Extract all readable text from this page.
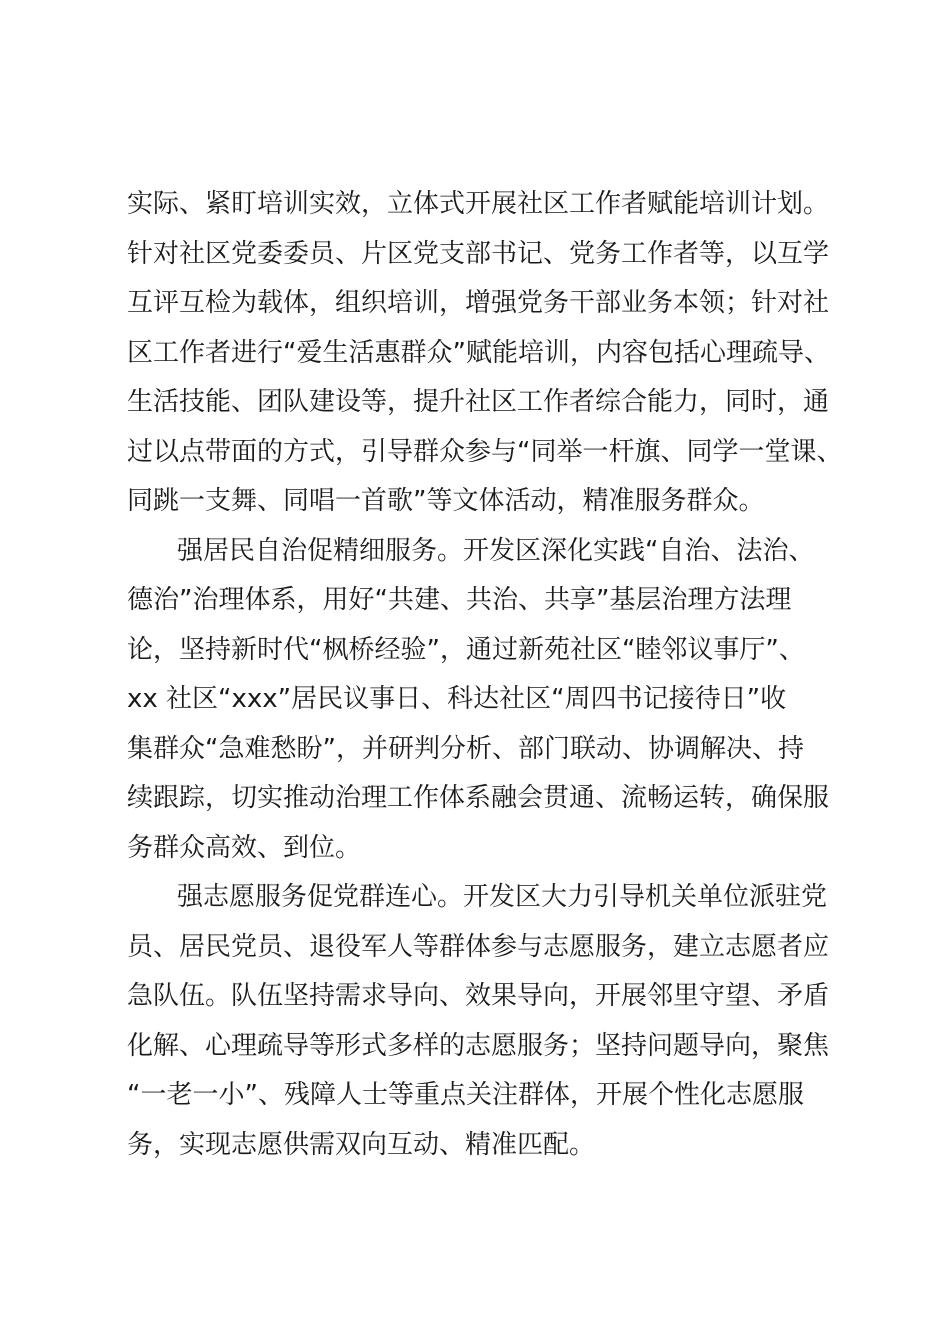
实际、紧盯培训实效，立体式开展社区工作者赋能培训计划。
针对社区党委委员、片区党支部书记、党务工作者等，以互学
互评互检为载体，组织培训，增强党务干部业务本领；针对社
区工作者进行“爱生活惠群众”赋能培训，内容包括心理疏导、
生活技能、团队建设等，提升社区工作者综合能力，同时，通
过以点带面的方式，引导群众参与“同举一杆旗、同学一堂课、
同跳一支舞、同唱一首歌”等文体活动，精准服务群众。
强居民自治促精细服务。开发区深化实践“自治、法治、
德治”治理体系，用好“共建、共治、共享”基层治理方法理
论，坚持新时代“枫桥经验”，通过新苑社区“睦邻议事厅”、
xx 社区“xxx”居民议事日、科达社区“周四书记接待日”收
集群众“急难愁盼”，并研判分析、部门联动、协调解决、持
续跟踪，切实推动治理工作体系融会贯通、流畅运转，确保服
务群众高效、到位。
强志愿服务促党群连心。开发区大力引导机关单位派驻党
员、居民党员、退役军人等群体参与志愿服务，建立志愿者应
急队伍。队伍坚持需求导向、效果导向，开展邻里守望、矛盾
化解、心理疏导等形式多样的志愿服务；坚持问题导向，聚焦
“一老一小”、残障人士等重点关注群体，开展个性化志愿服
务，实现志愿供需双向互动、精准匹配。
